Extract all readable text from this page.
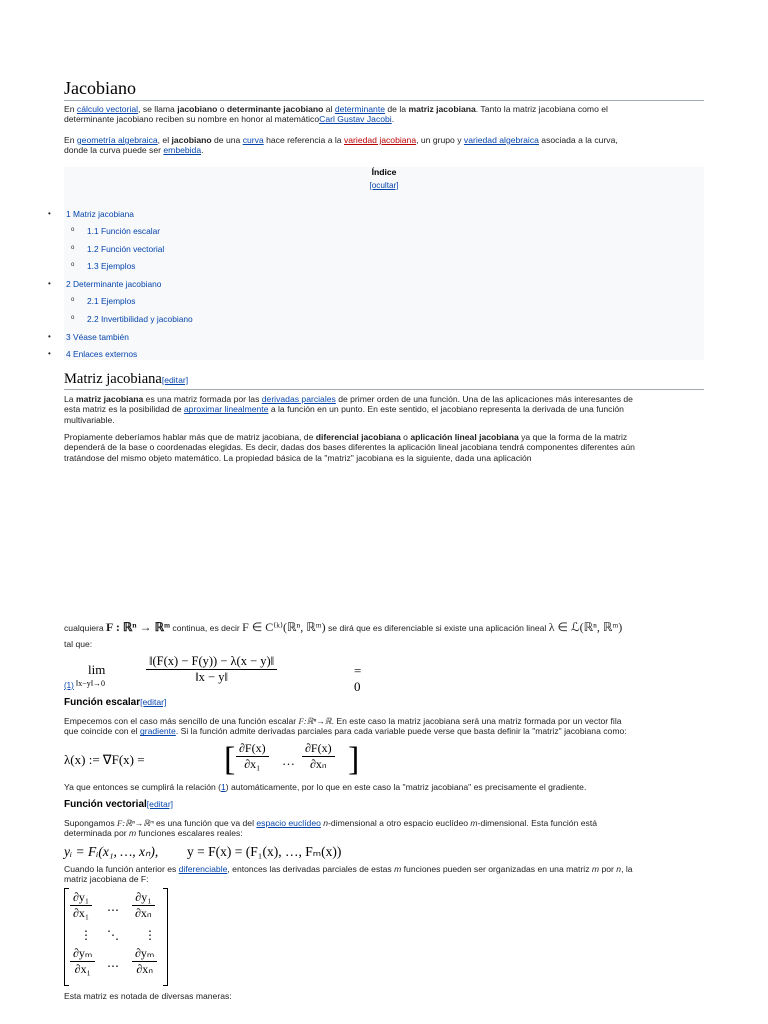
Jacobiano

En cálculo vectorial, se llama jacobiano o determinante jacobiano al determinante de la matriz jacobiana. Tanto la matriz jacobiana como el
determinante jacobiano reciben su nombre en honor al matemáticoCarl Gustav Jacobi.

En geometría algebraica, el jacobiano de una curva hace referencia a la variedad jacobiana, un grupo y variedad algebraica asociada a la curva,
donde la curva puede ser embebida.

Índice
[ocultar]
• 1 Matriz jacobiana
o 1.1 Función escalar
o 1.2 Función vectorial
o 1.3 Ejemplos
• 2 Determinante jacobiano
o 2.1 Ejemplos
o 2.2 Invertibilidad y jacobiano
• 3 Véase también
• 4 Enlaces externos
Matriz jacobiana[editar]

La matriz jacobiana es una matriz formada por las derivadas parciales de primer orden de una función. Una de las aplicaciones más interesantes de
esta matriz es la posibilidad de aproximar linealmente a la función en un punto. En este sentido, el jacobiano representa la derivada de una función
multivariable.

Propiamente deberíamos hablar más que de matriz jacobiana, de diferencial jacobiana o aplicación lineal jacobiana ya que la forma de la matriz
dependerá de la base o coordenadas elegidas. Es decir, dadas dos bases diferentes la aplicación lineal jacobiana tendrá componentes diferentes aún
tratándose del mismo objeto matemático. La propiedad básica de la "matriz" jacobiana es la siguiente, dada una aplicación

cualquiera F : ℝⁿ → ℝᵐ continua, es decir F ∈ C⁽ᵏ⁾(ℝⁿ, ℝᵐ) se dirá que es diferenciable si existe una aplicación lineal λ ∈ ℒ(ℝⁿ, ℝᵐ)

tal que:
(1)
lim
‖x−y‖→0	$\frac{‖(F(x) - F(y)) - \lambda(x - y)‖}{‖x - y‖}$	= 0
Función escalar[editar]

Empecemos con el caso más sencillo de una función escalar F:ℝⁿ→ℝ. En este caso la matriz jacobiana será una matriz formada por un vector fila
que coincide con el gradiente. Si la función admite derivadas parciales para cada variable puede verse que basta definir la "matriz" jacobiana como:

λ(x) := ∇F(x) = [ $\frac{\partial F(x)}{\text{∂x₁}}$ … $\frac{\partial F(x)}{\text{∂xₙ}}$ ]

Ya que entonces se cumplirá la relación (1) automáticamente, por lo que en este caso la "matriz jacobiana" es precisamente el gradiente.

Función vectorial[editar]

Supongamos F:ℝⁿ→ℝᵐ es una función que va del espacio euclídeo n-dimensional a otro espacio euclídeo m-dimensional. Esta función está
determinada por m funciones escalares reales:

yᵢ = Fᵢ(x₁, …, xₙ), y = F(x) = (F₁(x), …, Fₘ(x))

Cuando la función anterior es diferenciable, entonces las derivadas parciales de estas m funciones pueden ser organizadas en una matriz m por n, la
matriz jacobiana de F:

$\frac{\text{∂y₁}}{\text{∂x₁}}$ ⋯ $\frac{\text{∂y₁}}{\text{∂xₙ}}$
⋮ ⋱ ⋮
$\frac{\text{∂yₘ}}{\text{∂x₁}}$ ⋯ $\frac{\text{∂yₘ}}{\text{∂xₙ}}$

Esta matriz es notada de diversas maneras:
